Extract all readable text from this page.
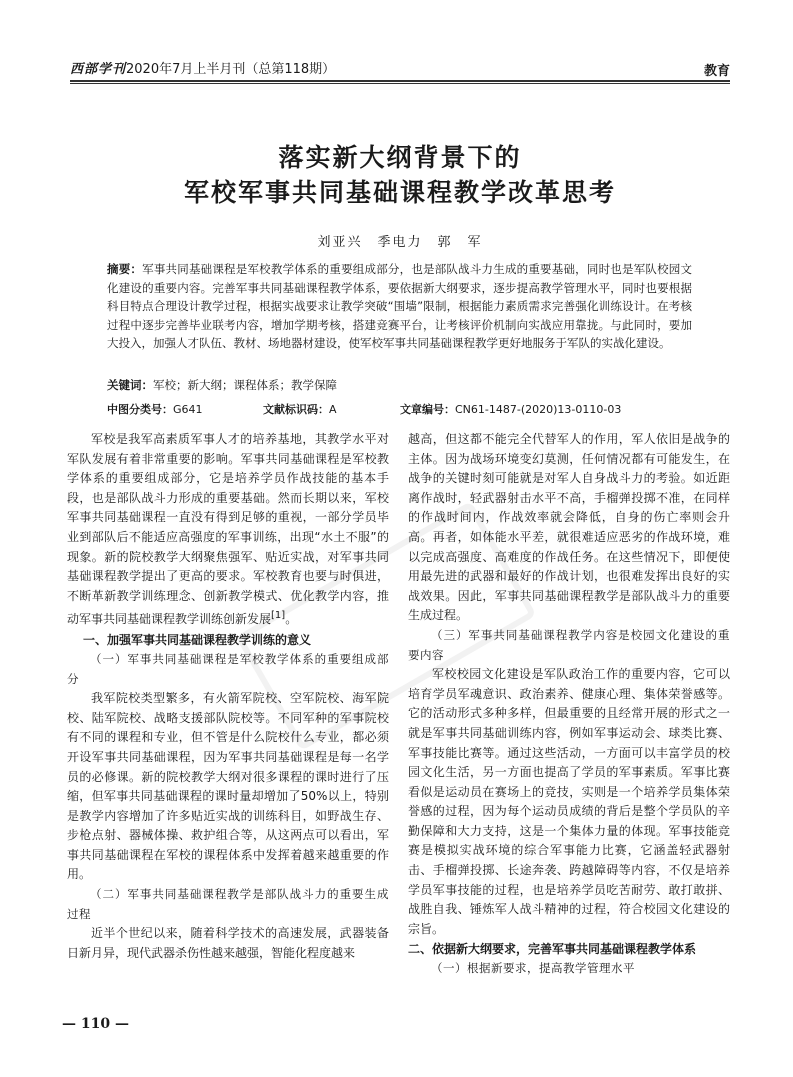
西部学刊2020年7月上半月刊（总第118期）	教育
落实新大纲背景下的
军校军事共同基础课程教学改革思考
刘亚兴　季电力　郭　军
摘要：军事共同基础课程是军校教学体系的重要组成部分，也是部队战斗力生成的重要基础，同时也是军队校园文化建设的重要内容。完善军事共同基础课程教学体系，要依据新大纲要求，逐步提高教学管理水平，同时也要根据科目特点合理设计教学过程，根据实战要求让教学突破“围墙”限制，根据能力素质需求完善强化训练设计。在考核过程中逐步完善毕业联考内容，增加学期考核，搭建竞赛平台，让考核评价机制向实战应用靠拢。与此同时，要加大投入，加强人才队伍、教材、场地器材建设，使军校军事共同基础课程教学更好地服务于军队的实战化建设。
关键词：军校；新大纲；课程体系；教学保障
中图分类号：G641	文献标识码：A	文章编号：CN61-1487-(2020)13-0110-03

军校是我军高素质军事人才的培养基地，其教学水平对军队发展有着非常重要的影响。军事共同基础课程是军校教学体系的重要组成部分，它是培养学员作战技能的基本手段，也是部队战斗力形成的重要基础。然而长期以来，军校军事共同基础课程一直没有得到足够的重视，一部分学员毕业到部队后不能适应高强度的军事训练，出现“水土不服”的现象。新的院校教学大纲聚焦强军、贴近实战，对军事共同基础课程教学提出了更高的要求。军校教育也要与时俱进，不断革新教学训练理念、创新教学模式、优化教学内容，推动军事共同基础课程教学训练创新发展[1]。

一、加强军事共同基础课程教学训练的意义
（一）军事共同基础课程是军校教学体系的重要组成部分

我军院校类型繁多，有火箭军院校、空军院校、海军院校、陆军院校、战略支援部队院校等。不同军种的军事院校有不同的课程和专业，但不管是什么院校什么专业，都必须开设军事共同基础课程，因为军事共同基础课程是每一名学员的必修课。新的院校教学大纲对很多课程的课时进行了压缩，但军事共同基础课程的课时量却增加了50%以上，特别是教学内容增加了许多贴近实战的训练科目，如野战生存、步枪点射、器械体操、救护组合等，从这两点可以看出，军事共同基础课程在军校的课程体系中发挥着越来越重要的作用。

（二）军事共同基础课程教学是部队战斗力的重要生成过程

近半个世纪以来，随着科学技术的高速发展，武器装备日新月异，现代武器杀伤性越来越强，智能化程度越来

越高，但这都不能完全代替军人的作用，军人依旧是战争的主体。因为战场环境变幻莫测，任何情况都有可能发生，在战争的关键时刻可能就是对军人自身战斗力的考验。如近距离作战时，轻武器射击水平不高，手榴弹投掷不准，在同样的作战时间内，作战效率就会降低，自身的伤亡率则会升高。再者，如体能水平差，就很难适应恶劣的作战环境，难以完成高强度、高难度的作战任务。在这些情况下，即便使用最先进的武器和最好的作战计划，也很难发挥出良好的实战效果。因此，军事共同基础课程教学是部队战斗力的重要生成过程。

（三）军事共同基础课程教学内容是校园文化建设的重要内容

军校校园文化建设是军队政治工作的重要内容，它可以培育学员军魂意识、政治素养、健康心理、集体荣誉感等。它的活动形式多种多样，但最重要的且经常开展的形式之一就是军事共同基础训练内容，例如军事运动会、球类比赛、军事技能比赛等。通过这些活动，一方面可以丰富学员的校园文化生活，另一方面也提高了学员的军事素质。军事比赛看似是运动员在赛场上的竞技，实则是一个培养学员集体荣誉感的过程，因为每个运动员成绩的背后是整个学员队的辛勤保障和大力支持，这是一个集体力量的体现。军事技能竞赛是模拟实战环境的综合军事能力比赛，它涵盖轻武器射击、手榴弹投掷、长途奔袭、跨越障碍等内容，不仅是培养学员军事技能的过程，也是培养学员吃苦耐劳、敢打敢拼、战胜自我、锤炼军人战斗精神的过程，符合校园文化建设的宗旨。

二、依据新大纲要求，完善军事共同基础课程教学体系
（一）根据新要求，提高教学管理水平
— 110 —
